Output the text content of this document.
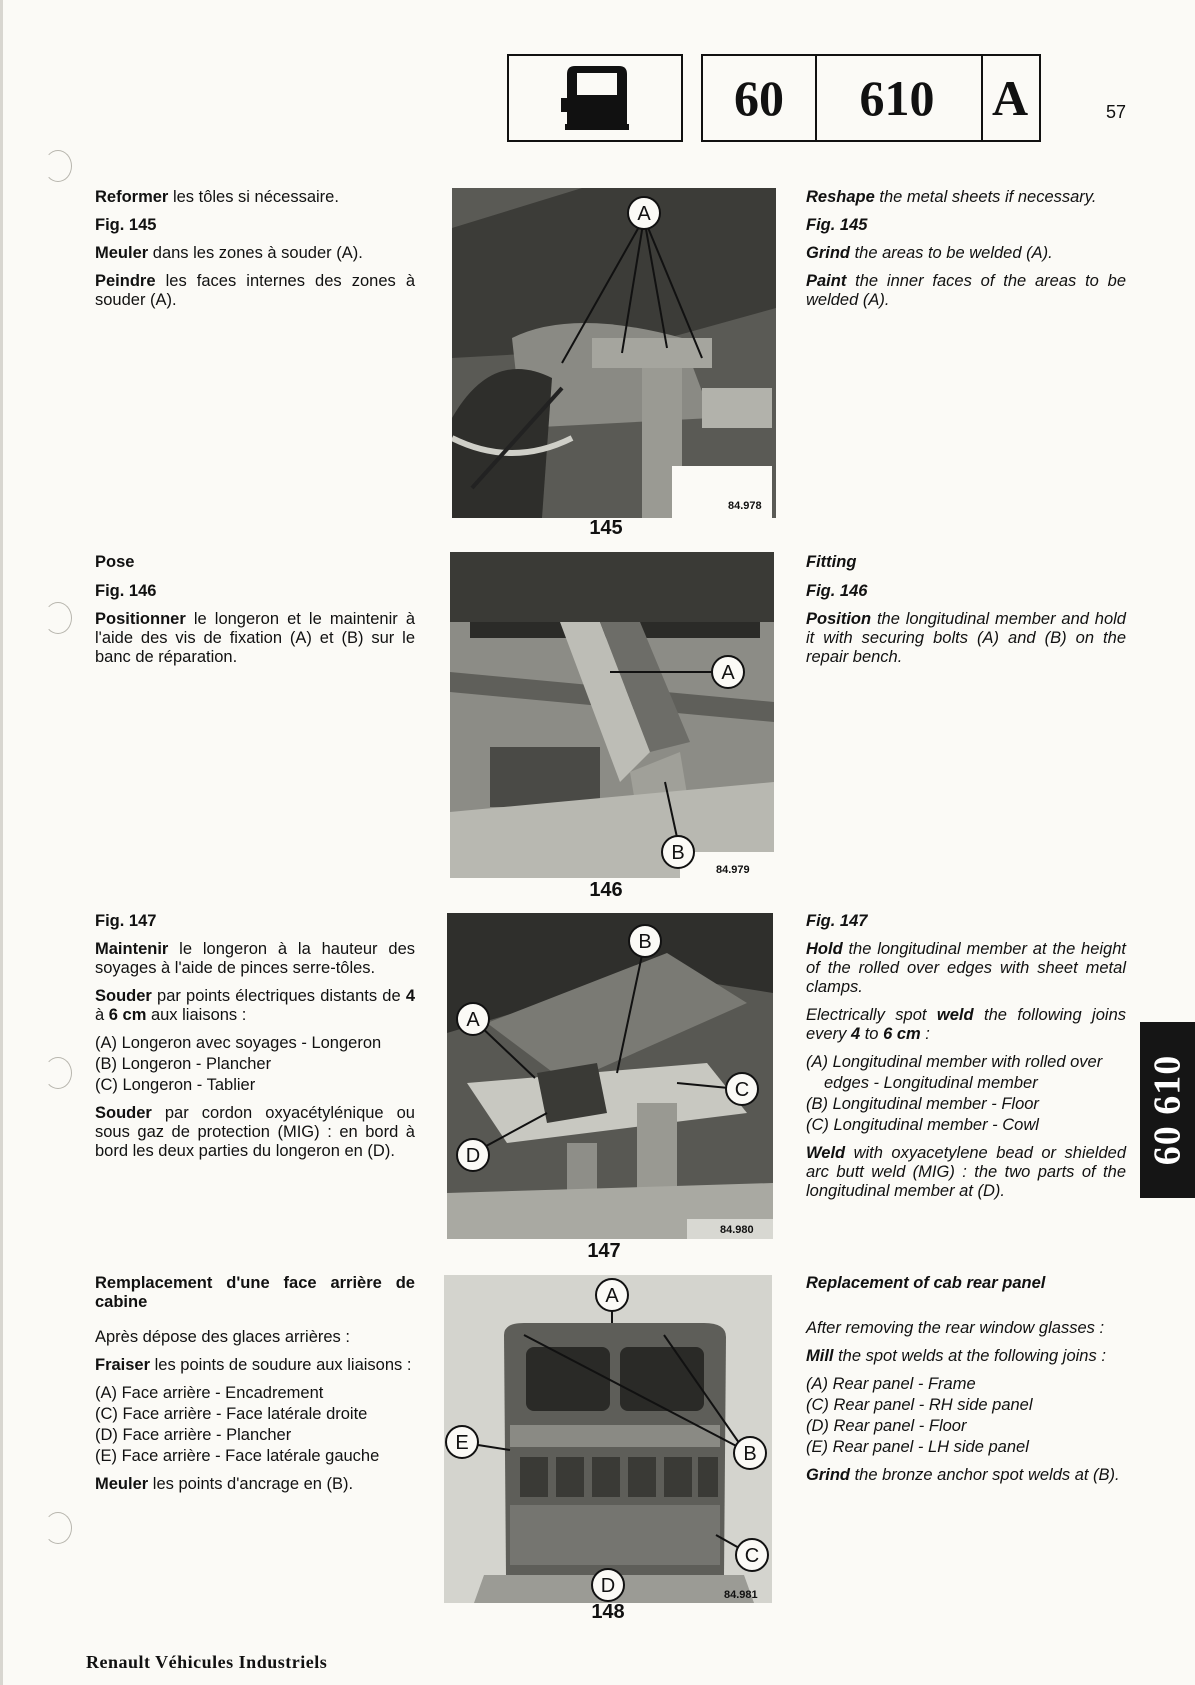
60	610	A	57

Reformer les tôles si nécessaire.

Fig. 145

Meuler dans les zones à souder (A).

Peindre les faces internes des zones à souder (A).

Reshape the metal sheets if necessary.

Fig. 145

Grind the areas to be welded (A).

Paint the inner faces of the areas to be welded (A).

A
84.978
145

Pose

Fig. 146

Positionner le longeron et le maintenir à l'aide des vis de fixation (A) et (B) sur le banc de réparation.

Fitting

Fig. 146

Position the longitudinal member and hold it with securing bolts (A) and (B) on the repair bench.

A
B
84.979
146

Fig. 147

Maintenir le longeron à la hauteur des soyages à l'aide de pinces serre-tôles.

Souder par points électriques distants de 4 à 6 cm aux liaisons :

(A) Longeron avec soyages - Longeron

(B) Longeron - Plancher

(C) Longeron - Tablier

Souder par cordon oxyacétylénique ou sous gaz de protection (MIG) : en bord à bord les deux parties du longeron en (D).

Fig. 147

Hold the longitudinal member at the height of the rolled over edges with sheet metal clamps.

Electrically spot weld the following joins every 4 to 6 cm :

(A) Longitudinal member with rolled over

edges - Longitudinal member

(B) Longitudinal member - Floor

(C) Longitudinal member - Cowl

Weld with oxyacetylene bead or shielded arc butt weld (MIG) : the two parts of the longitudinal member at (D).

B
A
C
D
84.980
147
60 610

Remplacement d'une face arrière de cabine

Après dépose des glaces arrières :

Fraiser les points de soudure aux liaisons :

(A) Face arrière - Encadrement

(C) Face arrière - Face latérale droite

(D) Face arrière - Plancher

(E) Face arrière - Face latérale gauche

Meuler les points d'ancrage en (B).

Replacement of cab rear panel

After removing the rear window glasses :

Mill the spot welds at the following joins :

(A) Rear panel - Frame

(C) Rear panel - RH side panel

(D) Rear panel - Floor

(E) Rear panel - LH side panel

Grind the bronze anchor spot welds at (B).

A
B
C
D
E
84.981
148
Renault Véhicules Industriels
